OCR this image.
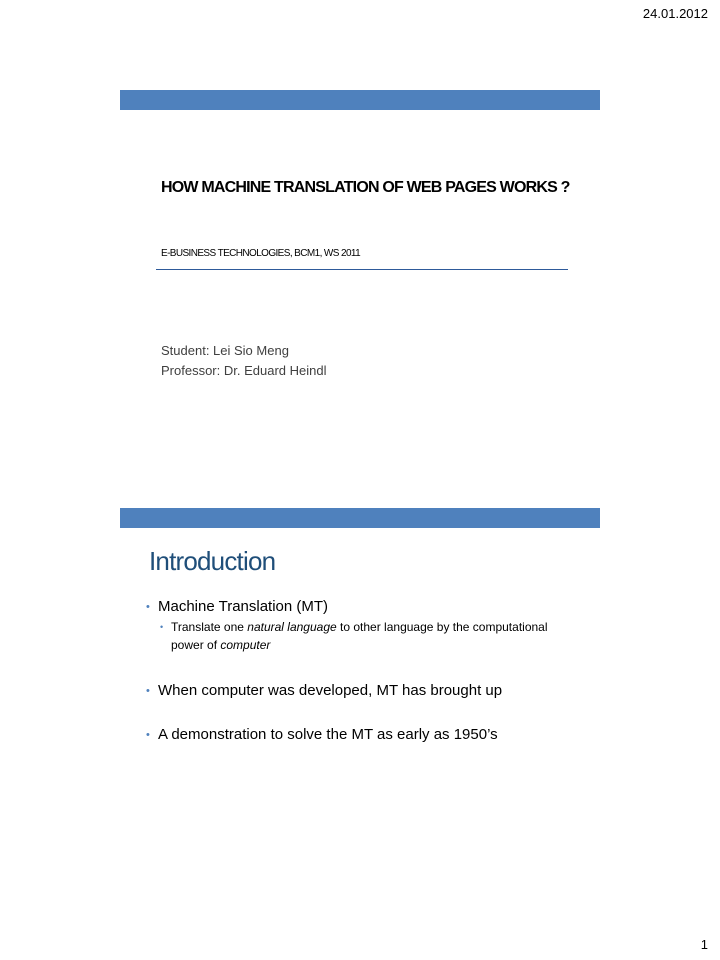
24.01.2012
HOW MACHINE TRANSLATION OF WEB PAGES WORKS ?

E-BUSINESS TECHNOLOGIES, BCM1, WS 2011

Student: Lei Sio Meng
Professor: Dr. Eduard Heindl
Introduction
• Machine Translation (MT)
• Translate one natural language to other language by the computational power of computer
• When computer was developed, MT has brought up
• A demonstration to solve the MT as early as 1950’s
1
